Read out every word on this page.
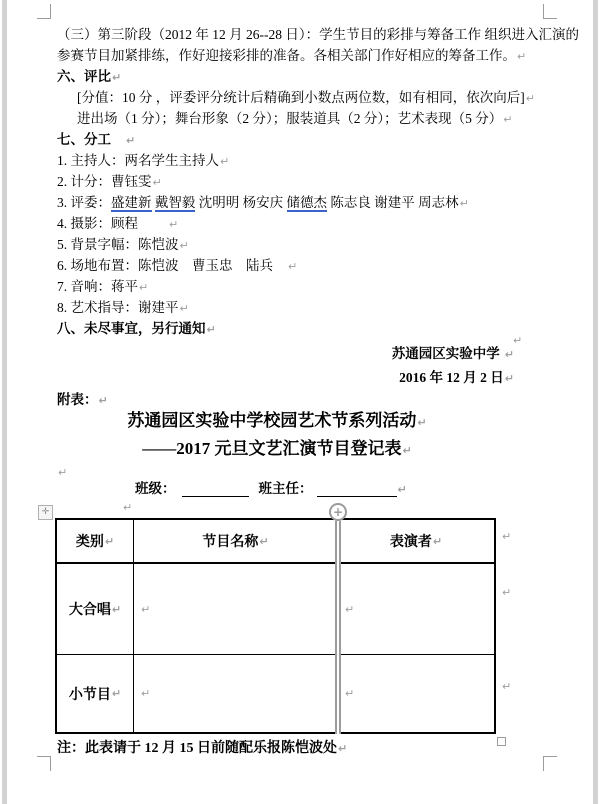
（三）第三阶段（2012 年 12 月 26--28 日）：学生节目的彩排与筹备工作 组织进入汇演的
参赛节目加紧排练，作好迎接彩排的准备。各相关部门作好相应的筹备工作。↵
六、评比↵
[分值：10 分 ，评委评分统计后精确到小数点两位数，如有相同，依次向后]↵
进出场（1 分）；舞台形象（2 分）；服装道具（2 分）；艺术表现（5 分）↵
七、分工 ↵
1. 主持人：两名学生主持人↵
2. 计分：曹钰雯↵
3. 评委：盛建新 戴智毅 沈明明 杨安庆 储德杰 陈志良 谢建平 周志林↵
4. 摄影：顾程	↵
5. 背景字幅：陈恺波↵
6. 场地布置：陈恺波　曹玉忠　陆兵 ↵
7. 音响：蒋平↵
8. 艺术指导：谢建平↵
八、未尽事宜，另行通知↵
↵
苏通园区实验中学 ↵
2016 年 12 月 2 日↵
附表：↵
苏通园区实验中学校园艺术节系列活动↵
——2017 元旦文艺汇演节目登记表↵
↵
班级：	班主任：	↵
↵
✛
类别 ↵	节目名称 ↵	表演者 ↵
大合唱 ↵ ↵	↵
小节目 ↵ ↵	↵
+
↵
↵
↵
注：此表请于 12 月 15 日前随配乐报陈恺波处↵
